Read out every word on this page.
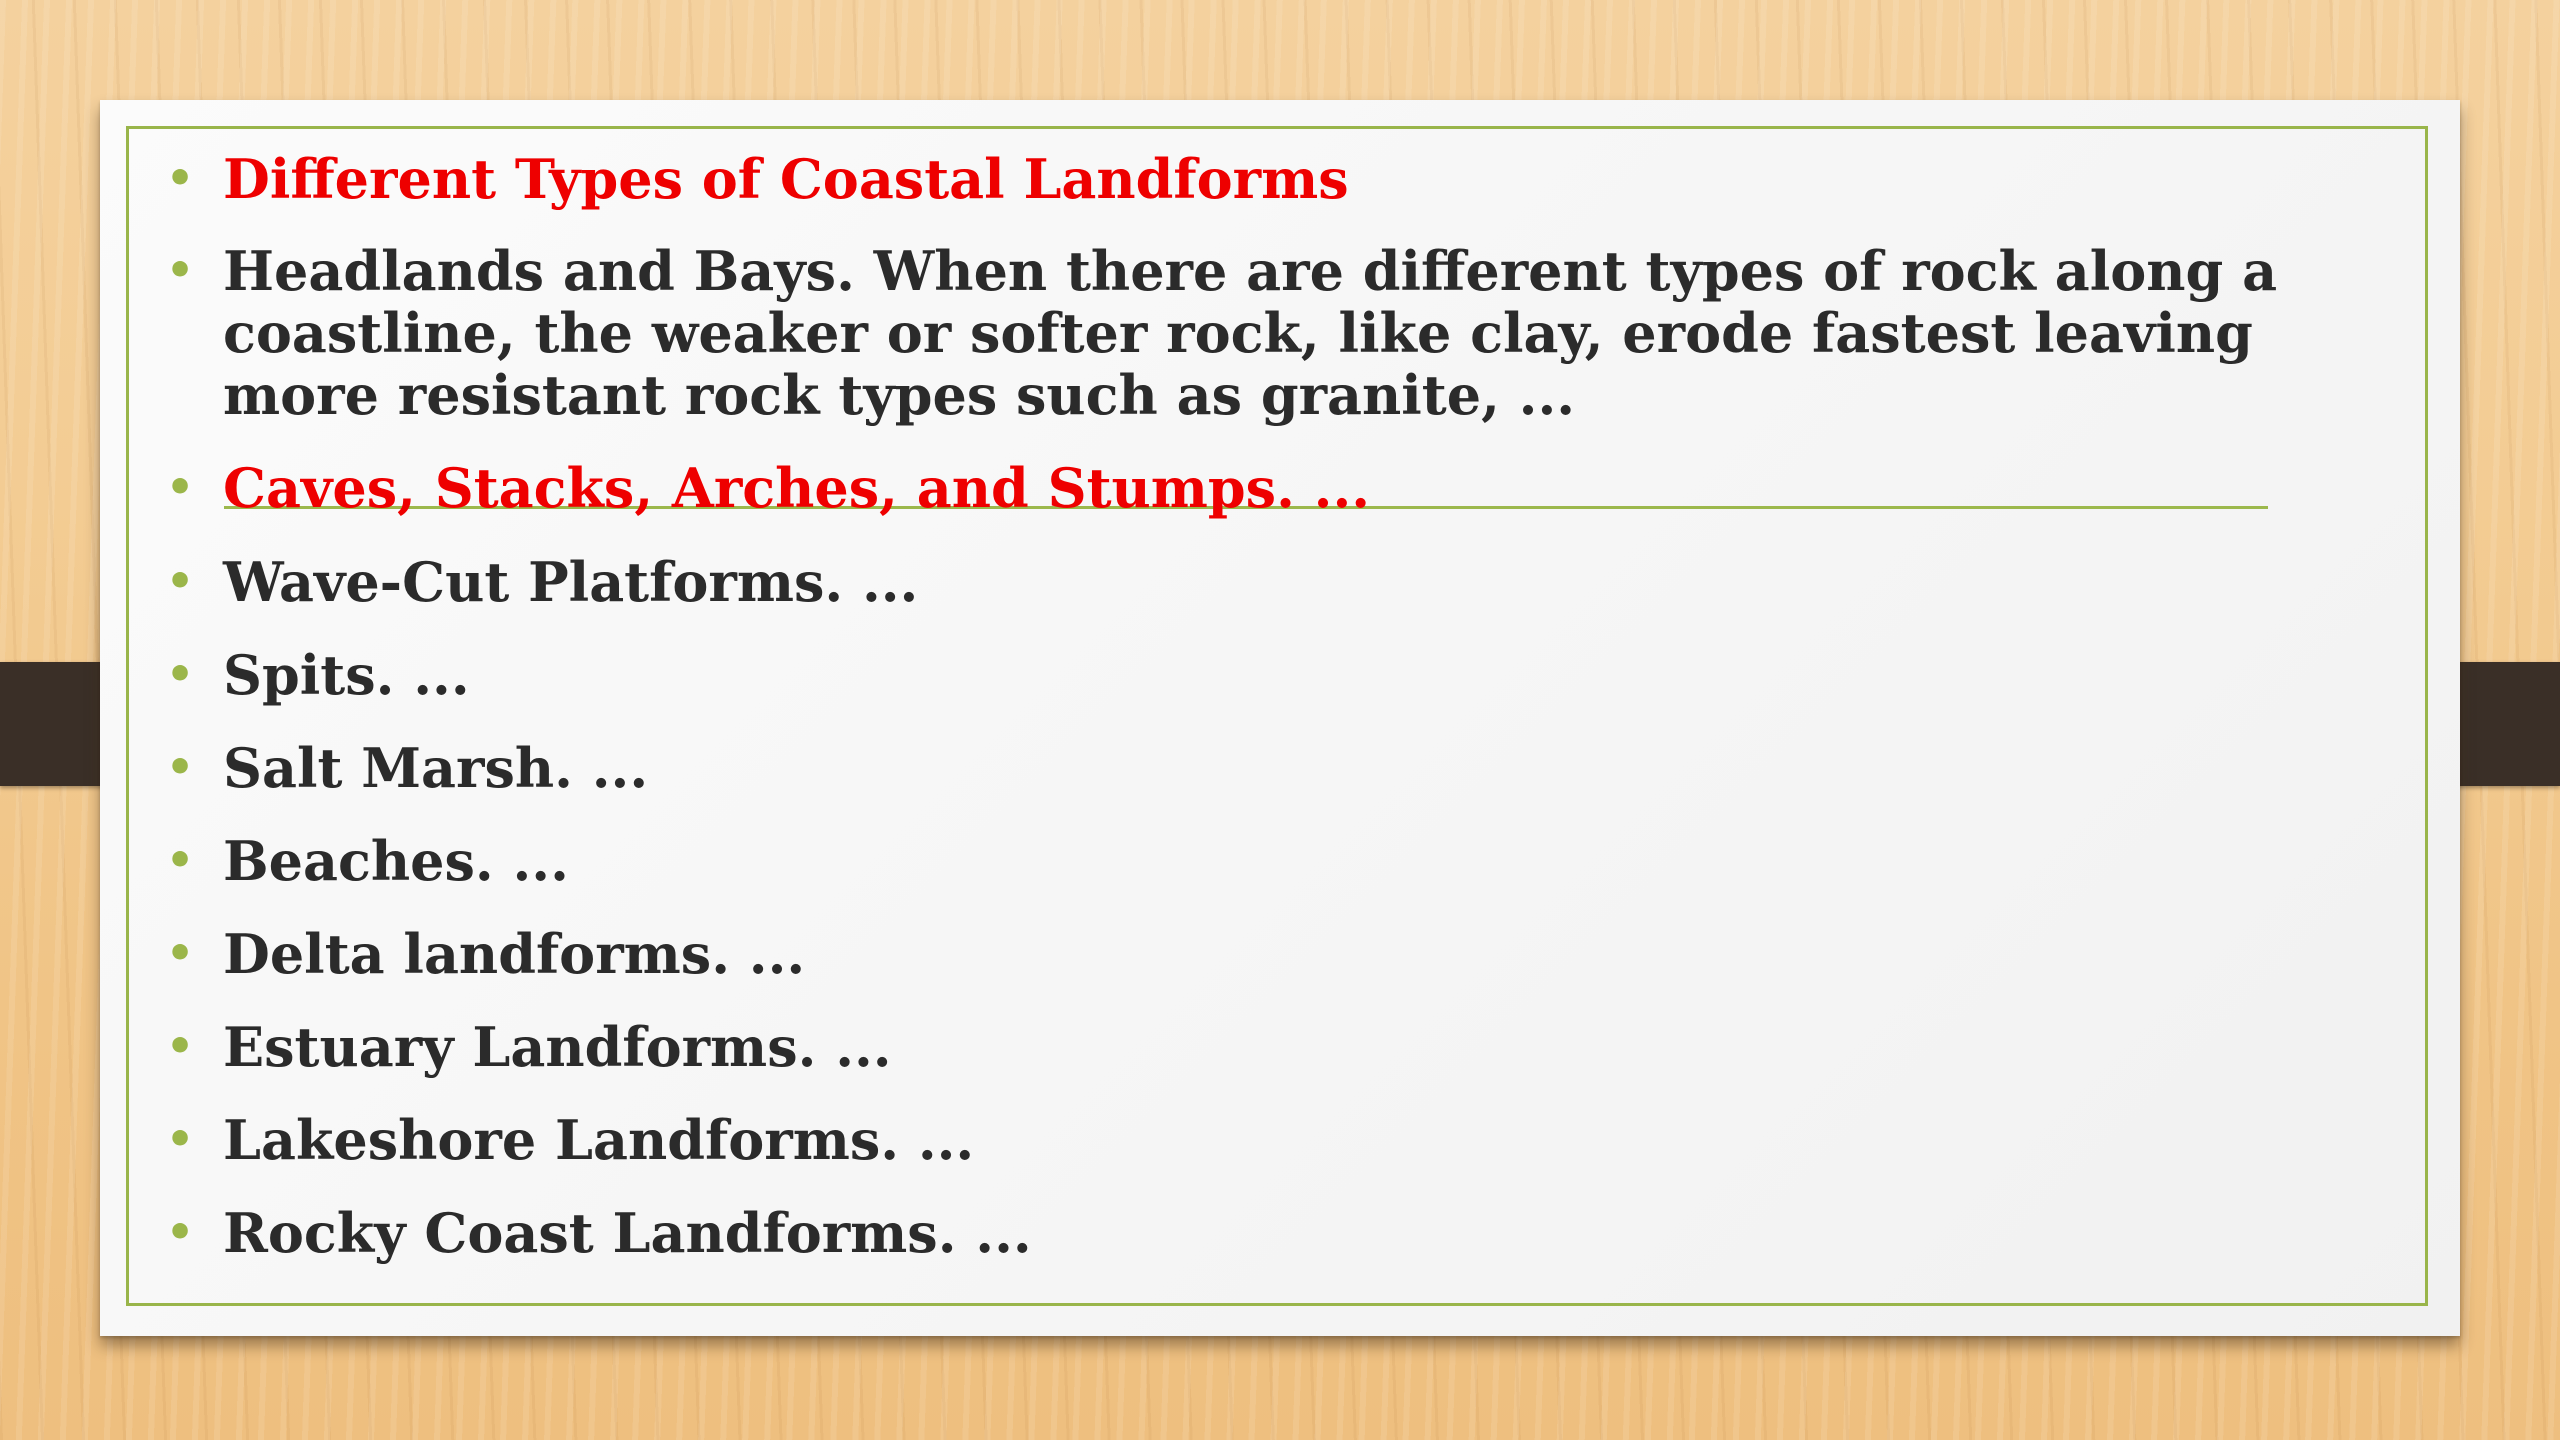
• Different Types of Coastal Landforms
• Headlands and Bays. When there are different types of rock along a coastline, the weaker or softer rock, like clay, erode fastest leaving more resistant rock types such as granite, ...
• Caves, Stacks, Arches, and Stumps. ...
• Wave-Cut Platforms. ...
• Spits. ...
• Salt Marsh. ...
• Beaches. ...
• Delta landforms. ...
• Estuary Landforms. ...
• Lakeshore Landforms. ...
• Rocky Coast Landforms. ...
